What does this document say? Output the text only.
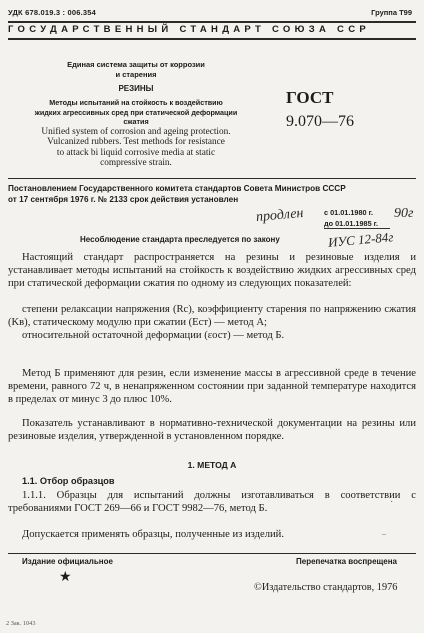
УДК 678.019.3 : 006.354	Группа Т99
ГОСУДАРСТВЕННЫЙ СТАНДАРТ СОЮЗА ССР
Единая система защиты от коррозии
и старения
РЕЗИНЫ
Методы испытаний на стойкость к воздействию
жидких агрессивных сред при статической деформации
сжатия
Unified system of corrosion and ageing protection.
Vulcanized rubbers. Test methods for resistance
to attack bi liquid corrosive media at static
compressive strain.
ГОСТ
9.070—76
Постановлением Государственного комитета стандартов Совета Министров СССР
от 17 сентября 1976 г. № 2133 срок действия установлен
с 01.01.1980 г.
до 01.01.1985 г.
продлен	90г
ИУС 12-84г
Несоблюдение стандарта преследуется по закону
Настоящий стандарт распространяется на резины и резиновые изделия и устанавливает методы испытаний на стойкость к воздействию жидких агрессивных сред при статической деформации сжатия по одному из следующих показателей:
степени релаксации напряжения (Rс), коэффициенту старения по напряжению сжатия (Kв), статическому модулю при сжатии (Eст) — метод А;
относительной остаточной деформации (εост) — метод Б.
Метод Б применяют для резин, если изменение массы в агрессивной среде в течение времени, равного 72 ч, в ненапряженном состоянии при заданной температуре находится в пределах от минус 3 до плюс 10%.
Показатель устанавливают в нормативно-технической документации на резины или резиновые изделия, утвержденной в установленном порядке.
1. МЕТОД А
1.1. Отбор образцов
1.1.1. Образцы для испытаний должны изготавливаться в соответствии с требованиями ГОСТ 269—66 и ГОСТ 9982—76, метод Б.
Допускается применять образцы, полученные из изделий.
˙
–
Издание официальное	Перепечатка воспрещена
★
©Издательство стандартов, 1976
2 Зак. 1043
